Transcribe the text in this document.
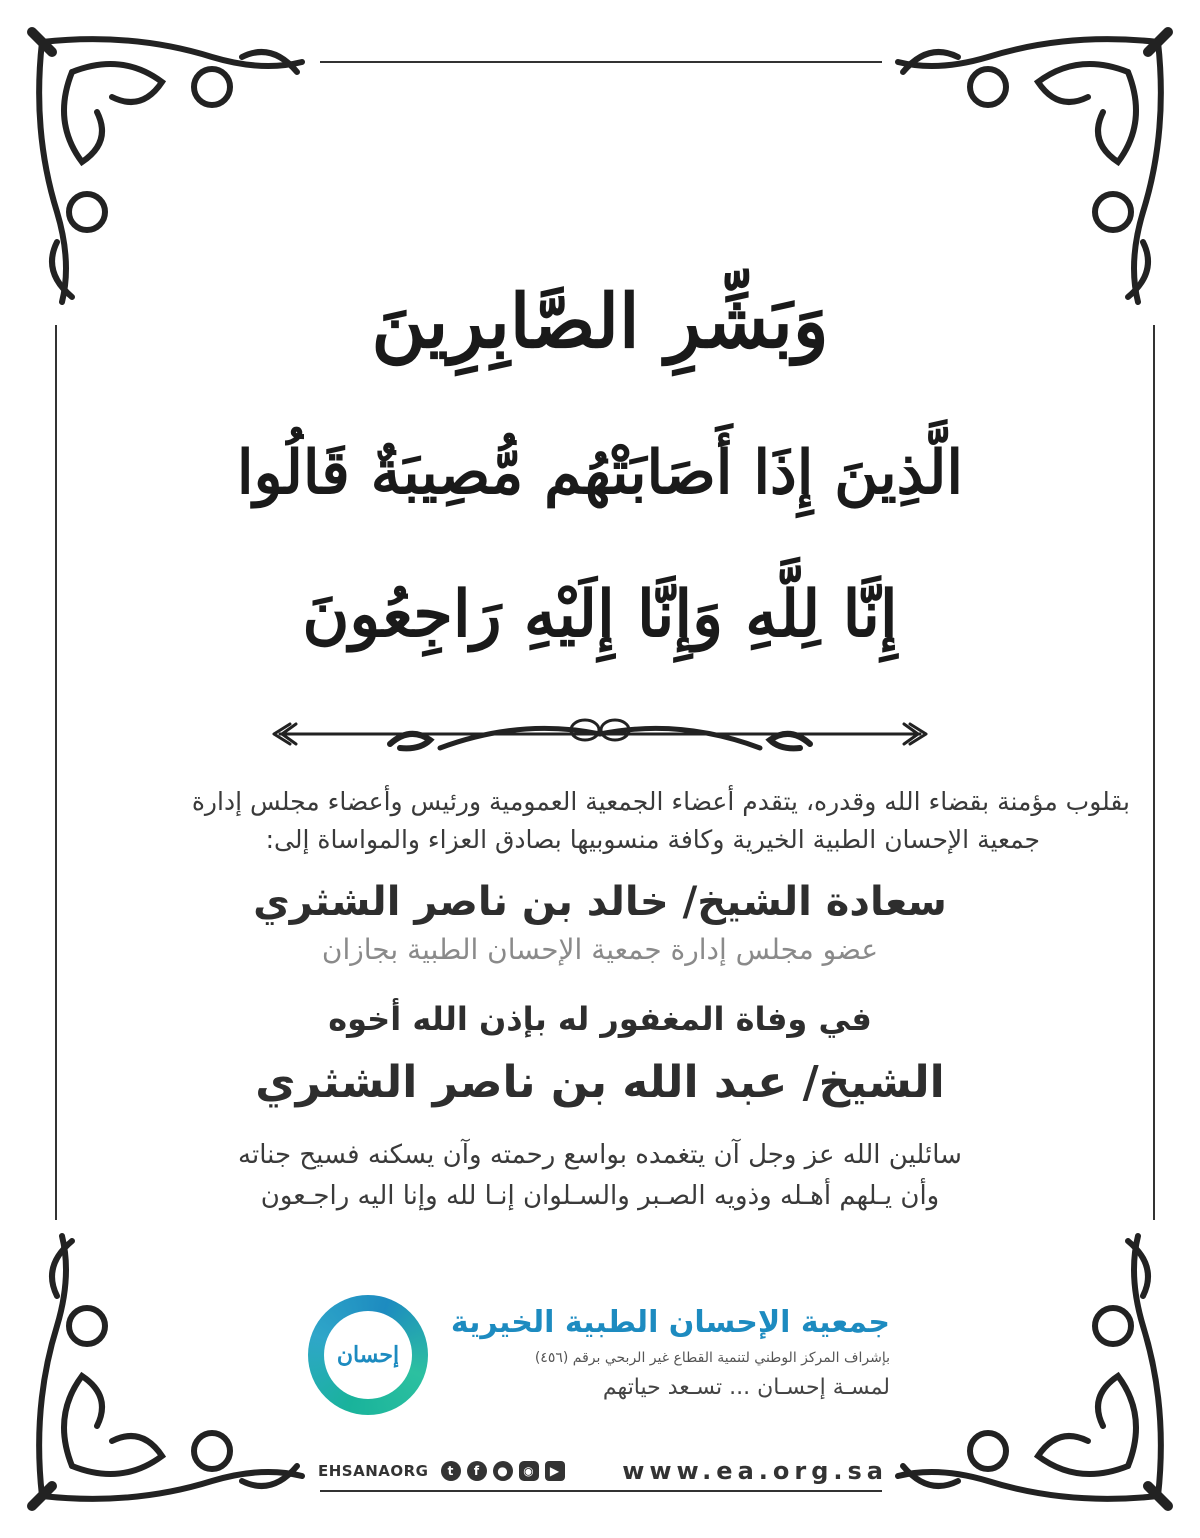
وَبَشِّرِ الصَّابِرِينَ
الَّذِينَ إِذَا أَصَابَتْهُم مُّصِيبَةٌ قَالُوا
إِنَّا لِلَّهِ وَإِنَّا إِلَيْهِ رَاجِعُونَ
بقلوب مؤمنة بقضاء الله وقدره، يتقدم أعضاء الجمعية العمومية ورئيس وأعضاء مجلس إدارة
جمعية الإحسان الطبية الخيرية وكافة منسوبيها بصادق العزاء والمواساة إلى:
سعادة الشيخ/ خالد بن ناصر الشثري
عضو مجلس إدارة جمعية الإحسان الطبية بجازان
في وفاة المغفور له بإذن الله أخوه
الشيخ/ عبد الله بن ناصر الشثري
سائلين الله عز وجل آن يتغمده بواسع رحمته وآن يسكنه فسيح جناته
وأن يـلهم أهـله وذويه الصـبر والسـلوان إنـا لله وإنا اليه راجـعون
إحسان
جمعية الإحسان الطبية الخيرية
بإشراف المركز الوطني لتنمية القطاع غير الربحي برقم (٤٥٦)
لمسـة إحسـان ... تسـعد حياتهم
EHSANAORG	t	f	●	◉	▶	www.ea.org.sa
